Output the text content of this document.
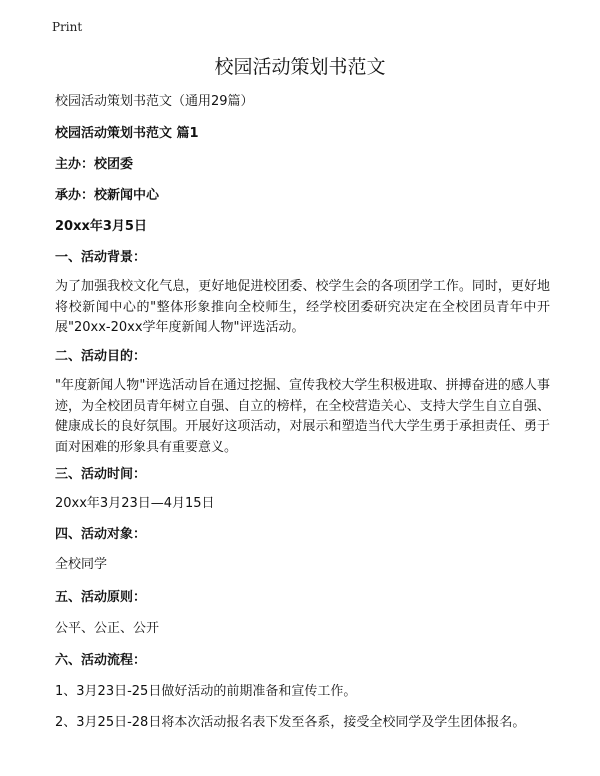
Print
校园活动策划书范文
校园活动策划书范文（通用29篇）
校园活动策划书范文 篇1
主办：校团委
承办：校新闻中心
20xx年3月5日
一、活动背景：
为了加强我校文化气息，更好地促进校团委、校学生会的各项团学工作。同时，更好地将校新闻中心的"整体形象推向全校师生，经学校团委研究决定在全校团员青年中开展"20xx-20xx学年度新闻人物"评选活动。
二、活动目的：
"年度新闻人物"评选活动旨在通过挖掘、宣传我校大学生积极进取、拼搏奋进的感人事迹，为全校团员青年树立自强、自立的榜样，在全校营造关心、支持大学生自立自强、健康成长的良好氛围。开展好这项活动，对展示和塑造当代大学生勇于承担责任、勇于面对困难的形象具有重要意义。
三、活动时间：
20xx年3月23日—4月15日
四、活动对象：
全校同学
五、活动原则：
公平、公正、公开
六、活动流程：
1、3月23日-25日做好活动的前期准备和宣传工作。
2、3月25日-28日将本次活动报名表下发至各系，接受全校同学及学生团体报名。
